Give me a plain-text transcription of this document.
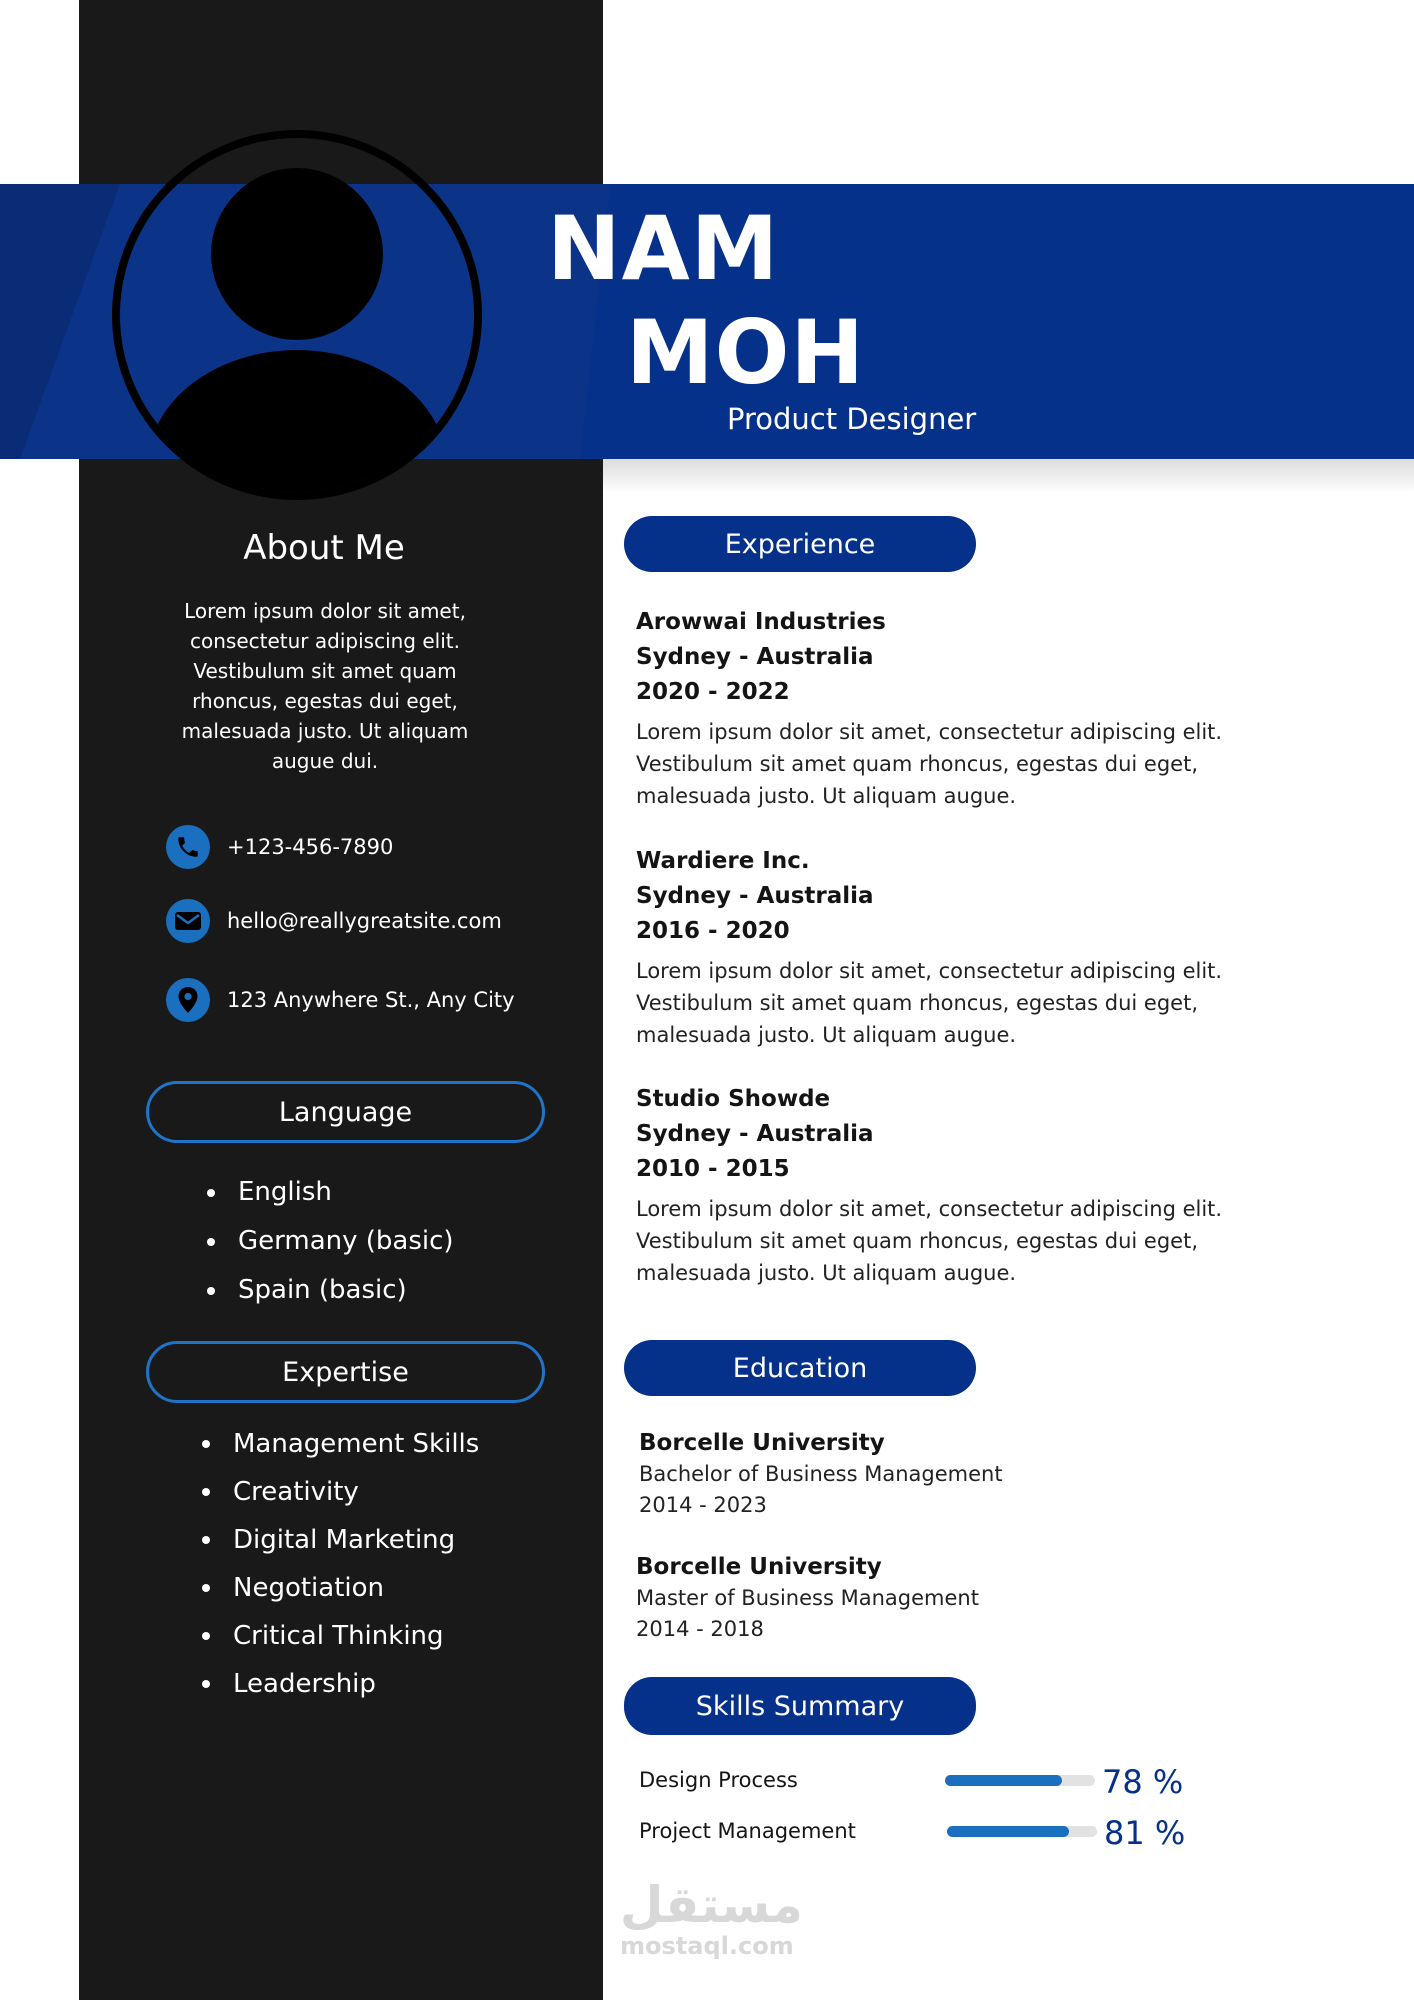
NAM
MOH
Product Designer
About Me
Lorem ipsum dolor sit amet, consectetur adipiscing elit. Vestibulum sit amet quam rhoncus, egestas dui eget, malesuada justo. Ut aliquam augue dui.
+123-456-7890
hello@reallygreatsite.com
123 Anywhere St., Any City
Language
English
Germany (basic)
Spain (basic)
Expertise
Management Skills
Creativity
Digital Marketing
Negotiation
Critical Thinking
Leadership
Experience
Arowwai Industries
Sydney - Australia
2020 - 2022
Lorem ipsum dolor sit amet, consectetur adipiscing elit. Vestibulum sit amet quam rhoncus, egestas dui eget, malesuada justo. Ut aliquam augue.
Wardiere Inc.
Sydney - Australia
2016 - 2020
Lorem ipsum dolor sit amet, consectetur adipiscing elit. Vestibulum sit amet quam rhoncus, egestas dui eget, malesuada justo. Ut aliquam augue.
Studio Showde
Sydney - Australia
2010 - 2015
Lorem ipsum dolor sit amet, consectetur adipiscing elit. Vestibulum sit amet quam rhoncus, egestas dui eget, malesuada justo. Ut aliquam augue.
Education
Borcelle University
Bachelor of Business Management
2014 - 2023
Borcelle University
Master of Business Management
2014 - 2018
Skills Summary
Design Process	78 %
Project Management	81 %
مستقل
mostaql.com
